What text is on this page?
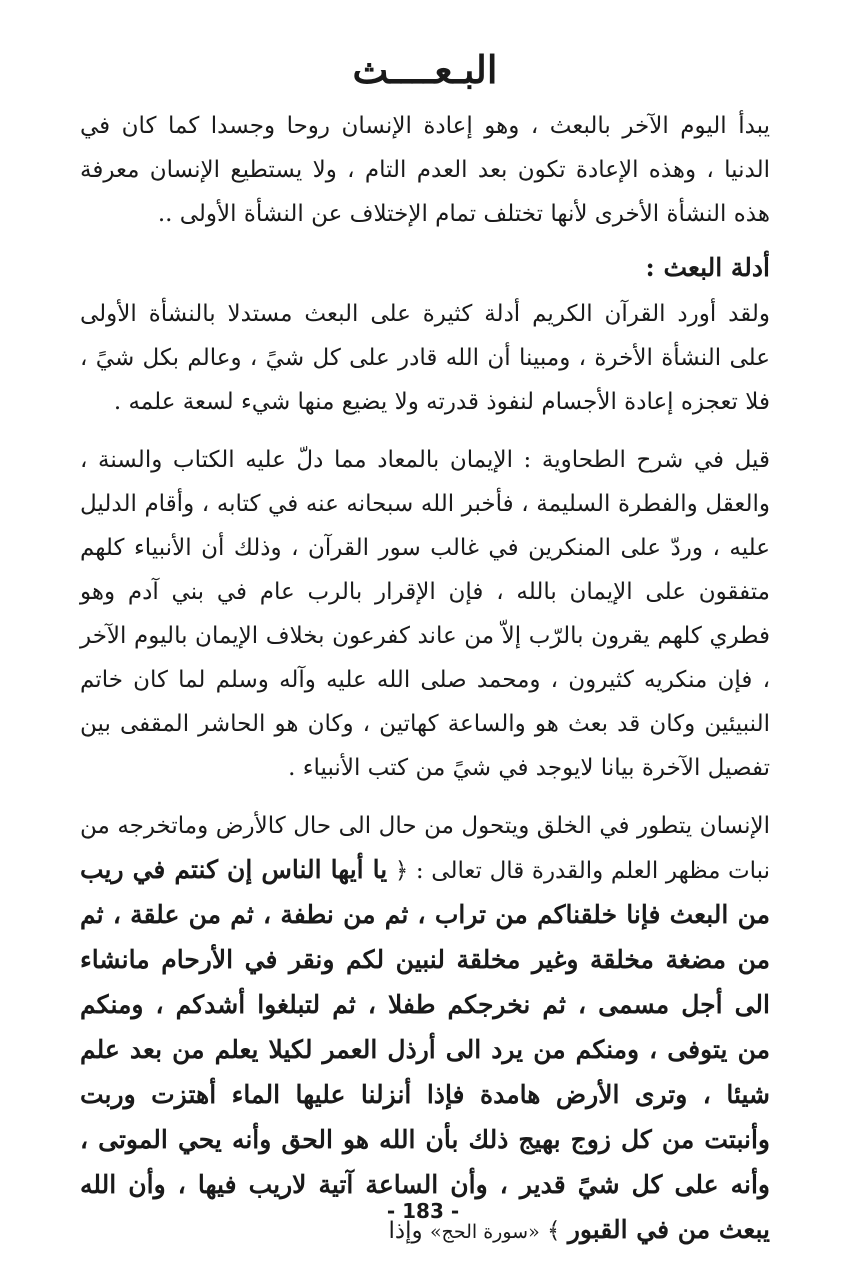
البـعــــث

يبدأ اليوم الآخر بالبعث ، وهو إعادة الإنسان روحا وجسدا كما كان في الدنيا ، وهذه الإعادة تكون بعد العدم التام ، ولا يستطيع الإنسان معرفة هذه النشأة الأخرى لأنها تختلف تمام الإختلاف عن النشأة الأولى ..

أدلة البعث :

ولقد أورد القرآن الكريم أدلة كثيرة على البعث مستدلا بالنشأة الأولى على النشأة الأخرة ، ومبينا أن الله قادر على كل شيً ، وعالم بكل شيً ، فلا تعجزه إعادة الأجسام لنفوذ قدرته ولا يضيع منها شيء لسعة علمه .

قيل في شرح الطحاوية : الإيمان بالمعاد مما دلّ عليه الكتاب والسنة ، والعقل والفطرة السليمة ، فأخبر الله سبحانه عنه في كتابه ، وأقام الدليل عليه ، وردّ على المنكرين في غالب سور القرآن ، وذلك أن الأنبياء كلهم متفقون على الإيمان بالله ، فإن الإقرار بالرب عام في بني آدم وهو فطري كلهم يقرون بالرّب إلاّ من عاند كفرعون بخلاف الإيمان باليوم الآخر ، فإن منكريه كثيرون ، ومحمد صلى الله عليه وآله وسلم لما كان خاتم النبيئين وكان قد بعث هو والساعة كهاتين ، وكان هو الحاشر المقفى بين تفصيل الآخرة بيانا لايوجد في شيً من كتب الأنبياء .

الإنسان يتطور في الخلق ويتحول من حال الى حال كالأرض وماتخرجه من نبات مظهر العلم والقدرة قال تعالى : ﴿ يا أيها الناس إن كنتم في ريب من البعث فإنا خلقناكم من تراب ، ثم من نطفة ، ثم من علقة ، ثم من مضغة مخلقة وغير مخلقة لنبين لكم ونقر في الأرحام مانشاء الى أجل مسمى ، ثم نخرجكم طفلا ، ثم لتبلغوا أشدكم ، ومنكم من يتوفى ، ومنكم من يرد الى أرذل العمر لكيلا يعلم من بعد علم شيئا ، وترى الأرض هامدة فإذا أنزلنا عليها الماء أهتزت وربت وأنبتت من كل زوج بهيج ذلك بأن الله هو الحق وأنه يحي الموتى ، وأنه على كل شيً قدير ، وأن الساعة آتية لاريب فيها ، وأن الله يبعث من في القبور ﴾ «سورة الحج» وإذا

- 183 -
